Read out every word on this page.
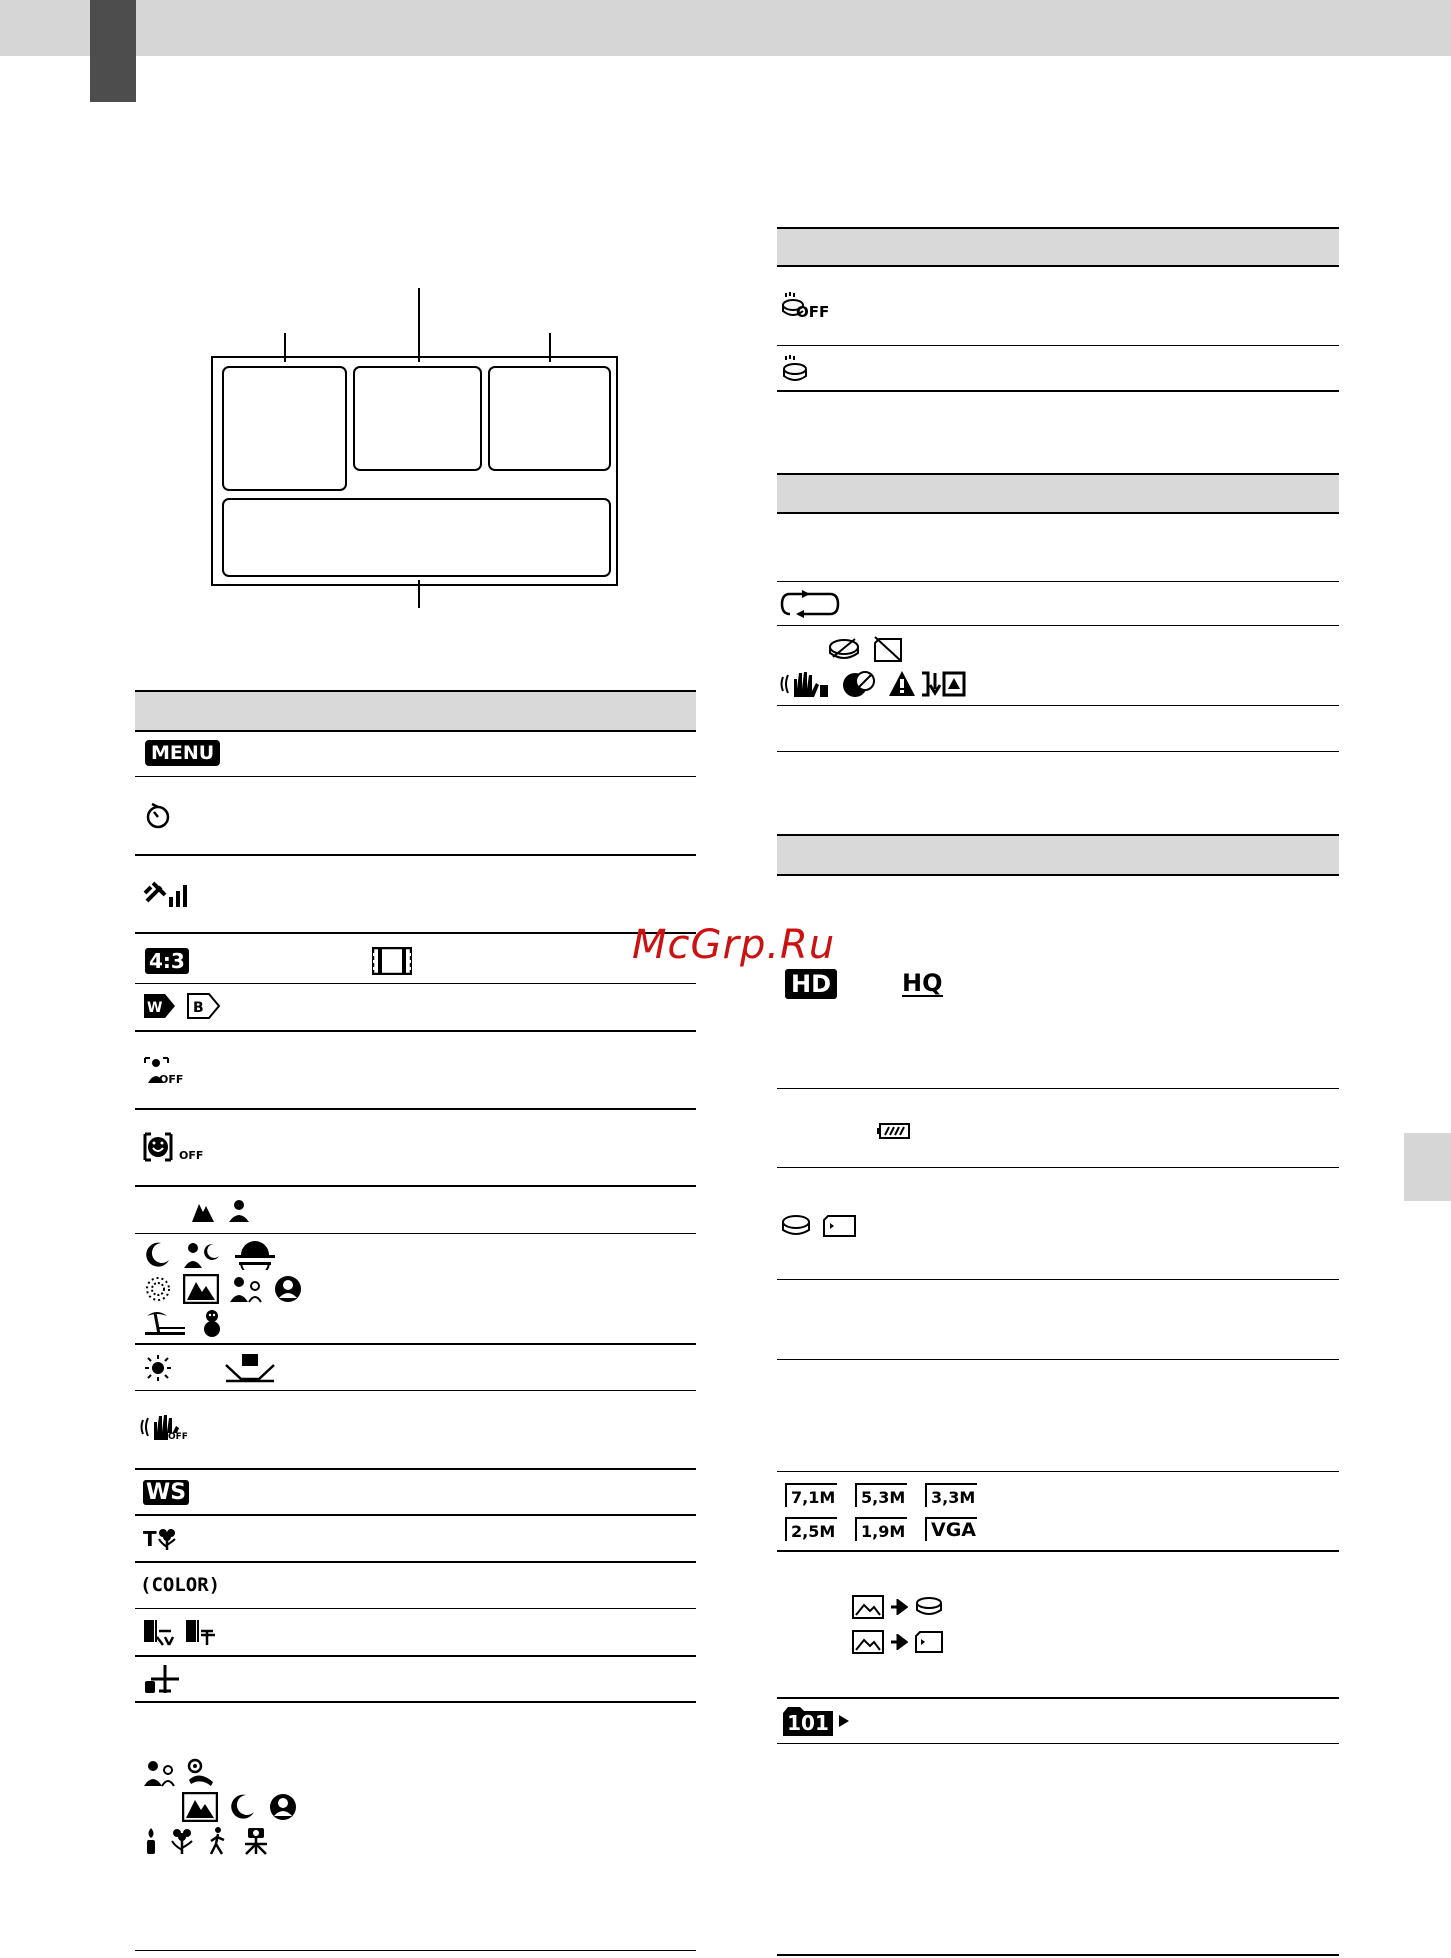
MENU
4:3
W B
OFF
OFF
OFF
WS
T
(COLOR)
OFF
HD	HQ
7,1M	5,3M	3,3M
2,5M	1,9M	VGA
101
McGrp.Ru
